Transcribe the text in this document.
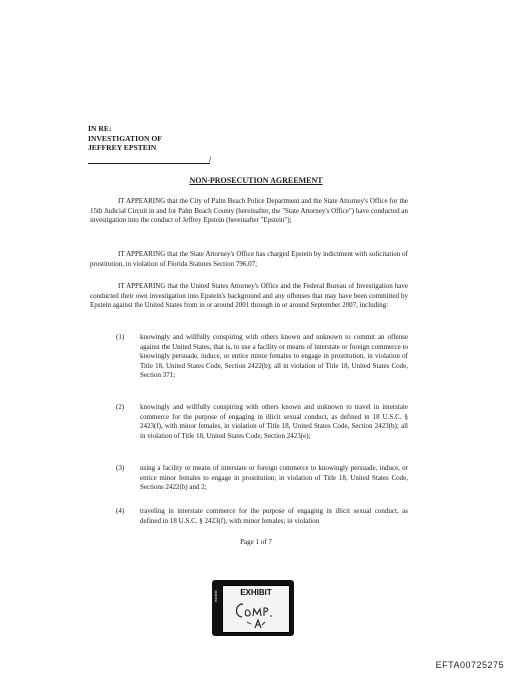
IN RE:
INVESTIGATION OF
JEFFREY EPSTEIN
/
NON-PROSECUTION AGREEMENT
IT APPEARING that the City of Palm Beach Police Department and the State Attorney's Office for the 15th Judicial Circuit in and for Palm Beach County (hereinafter, the "State Attorney's Office") have conducted an investigation into the conduct of Jeffrey Epstein (hereinafter "Epstein");
IT APPEARING that the State Attorney's Office has charged Epstein by indictment with solicitation of prostitution, in violation of Florida Statutes Section 796.07;
IT APPEARING that the United States Attorney's Office and the Federal Bureau of Investigation have conducted their own investigation into Epstein's background and any offenses that may have been committed by Epstein against the United States from in or around 2001 through in or around September 2007, including:
(1) knowingly and willfully conspiring with others known and unknown to commit an offense against the United States, that is, to use a facility or means of interstate or foreign commerce to knowingly persuade, induce, or entice minor females to engage in prostitution, in violation of Title 18, United States Code, Section 2422(b); all in violation of Title 18, United States Code, Section 371;
(2) knowingly and willfully conspiring with others known and unknown to travel in interstate commerce for the purpose of engaging in illicit sexual conduct, as defined in 18 U.S.C. § 2423(f), with minor females, in violation of Title 18, United States Code, Section 2423(b); all in violation of Title 18, United States Code, Section 2423(e);
(3) using a facility or means of interstate or foreign commerce to knowingly persuade, induce, or entice minor females to engage in prostitution; in violation of Title 18, United States Code, Sections 2422(b) and 2;
(4) traveling in interstate commerce for the purpose of engaging in illicit sexual conduct, as defined in 18 U.S.C. § 2423(f), with minor females; in violation
Page 1 of 7
exhibit	EXHIBIT
EFTA00725275
